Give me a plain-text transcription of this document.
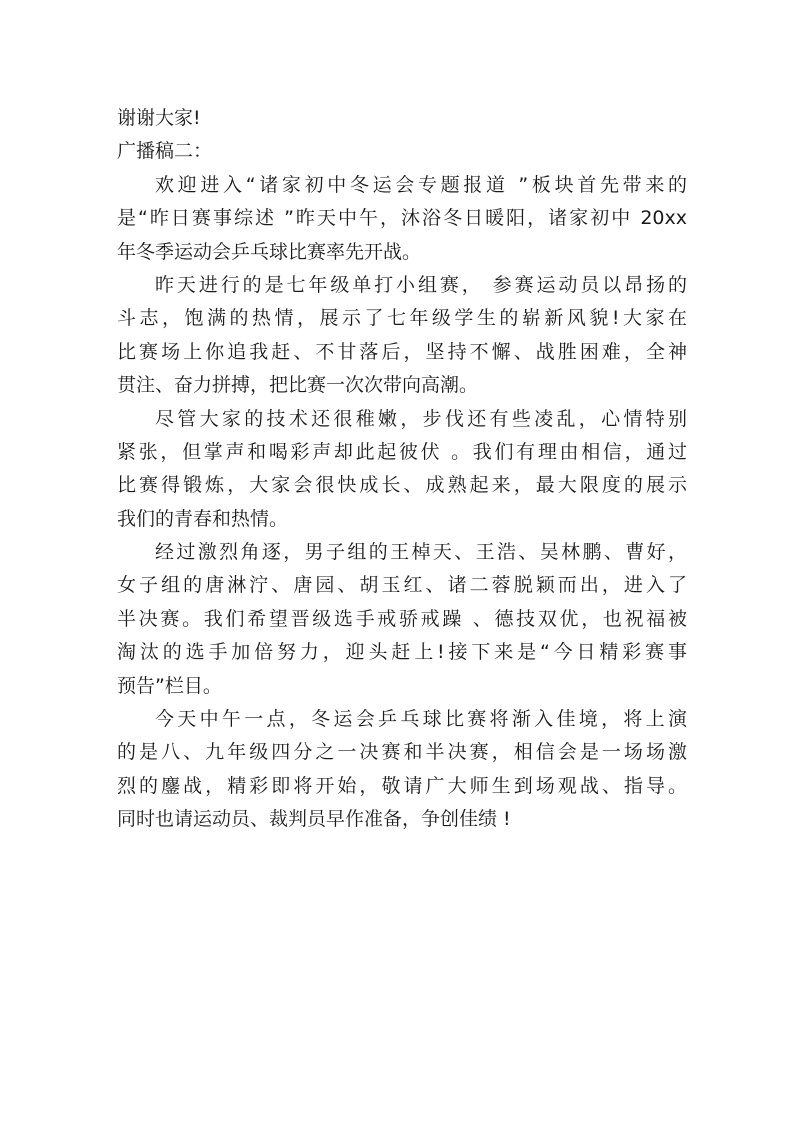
谢谢大家!
广播稿二：
欢迎进入“诸家初中冬运会专题报道 ”板块首先带来的
是“昨日赛事综述 ”昨天中午，沐浴冬日暖阳，诸家初中 20xx
年冬季运动会乒乓球比赛率先开战。
昨天进行的是七年级单打小组赛， 参赛运动员以昂扬的
斗志，饱满的热情，展示了七年级学生的崭新风貌!大家在
比赛场上你追我赶、不甘落后，坚持不懈、战胜困难，全神
贯注、奋力拼搏，把比赛一次次带向高潮。
尽管大家的技术还很稚嫩，步伐还有些凌乱，心情特别
紧张，但掌声和喝彩声却此起彼伏 。我们有理由相信，通过
比赛得锻炼，大家会很快成长、成熟起来，最大限度的展示
我们的青春和热情。
经过激烈角逐，男子组的王棹天、王浩、吴林鹏、曹好，
女子组的唐淋泞、唐园、胡玉红、诸二蓉脱颖而出，进入了
半决赛。我们希望晋级选手戒骄戒躁 、德技双优，也祝福被
淘汰的选手加倍努力，迎头赶上!接下来是“今日精彩赛事
预告”栏目。
今天中午一点，冬运会乒乓球比赛将渐入佳境，将上演
的是八、九年级四分之一决赛和半决赛，相信会是一场场激
烈的鏖战，精彩即将开始，敬请广大师生到场观战、指导。
同时也请运动员、裁判员早作准备，争创佳绩 !
